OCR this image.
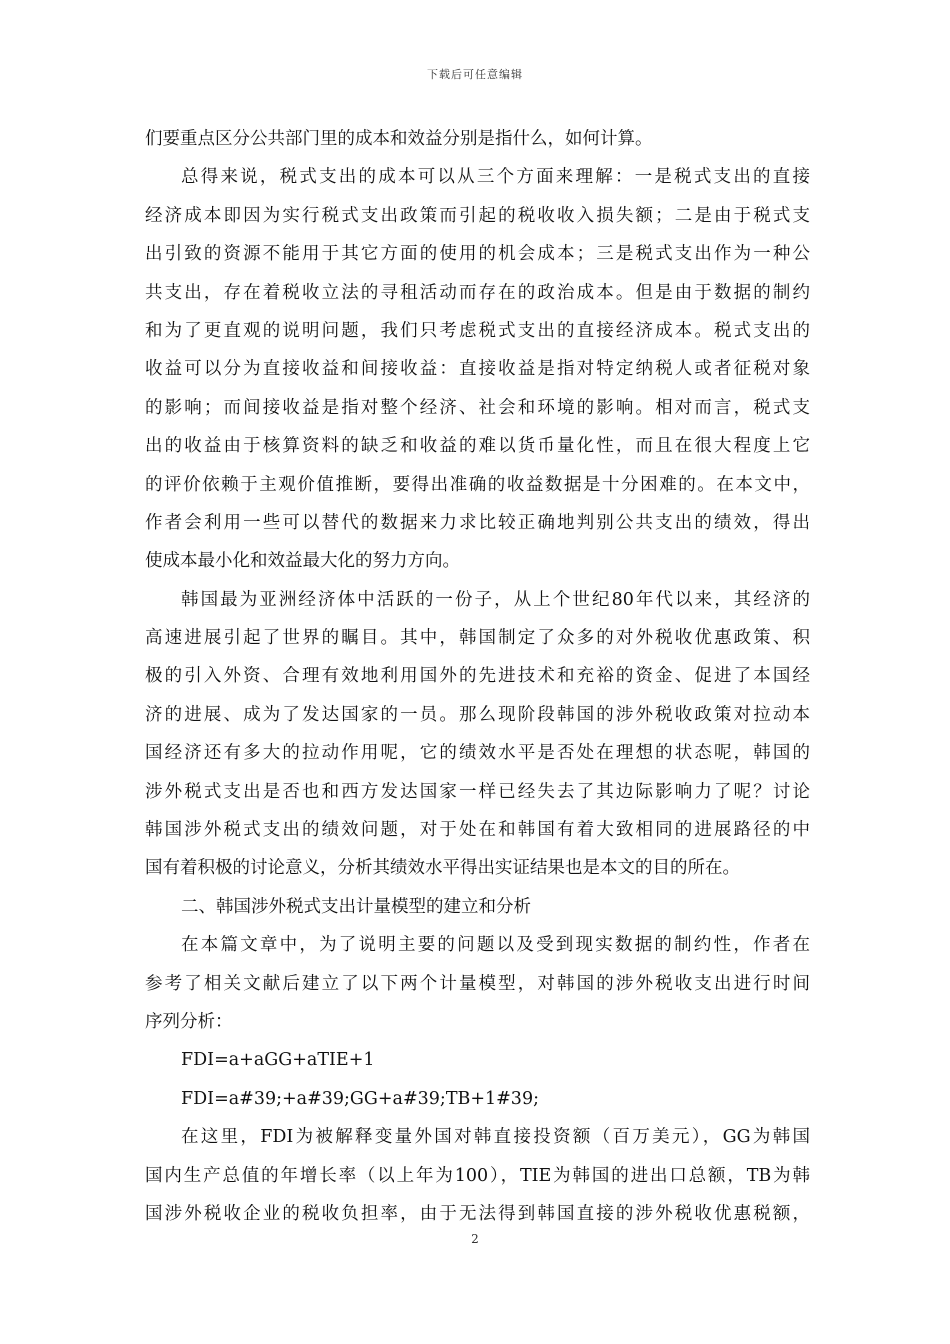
下载后可任意编辑
们要重点区分公共部门里的成本和效益分别是指什么，如何计算。
总得来说，税式支出的成本可以从三个方面来理解：一是税式支出的直接
经济成本即因为实行税式支出政策而引起的税收收入损失额；二是由于税式支
出引致的资源不能用于其它方面的使用的机会成本；三是税式支出作为一种公
共支出，存在着税收立法的寻租活动而存在的政治成本。但是由于数据的制约
和为了更直观的说明问题，我们只考虑税式支出的直接经济成本。税式支出的
收益可以分为直接收益和间接收益：直接收益是指对特定纳税人或者征税对象
的影响；而间接收益是指对整个经济、社会和环境的影响。相对而言，税式支
出的收益由于核算资料的缺乏和收益的难以货币量化性，而且在很大程度上它
的评价依赖于主观价值推断，要得出准确的收益数据是十分困难的。在本文中，
作者会利用一些可以替代的数据来力求比较正确地判别公共支出的绩效，得出
使成本最小化和效益最大化的努力方向。
韩国最为亚洲经济体中活跃的一份子，从上个世纪80年代以来，其经济的
高速进展引起了世界的瞩目。其中，韩国制定了众多的对外税收优惠政策、积
极的引入外资、合理有效地利用国外的先进技术和充裕的资金、促进了本国经
济的进展、成为了发达国家的一员。那么现阶段韩国的涉外税收政策对拉动本
国经济还有多大的拉动作用呢，它的绩效水平是否处在理想的状态呢，韩国的
涉外税式支出是否也和西方发达国家一样已经失去了其边际影响力了呢？讨论
韩国涉外税式支出的绩效问题，对于处在和韩国有着大致相同的进展路径的中
国有着积极的讨论意义，分析其绩效水平得出实证结果也是本文的目的所在。
二、韩国涉外税式支出计量模型的建立和分析
在本篇文章中，为了说明主要的问题以及受到现实数据的制约性，作者在
参考了相关文献后建立了以下两个计量模型，对韩国的涉外税收支出进行时间
序列分析：
FDI=a+aGG+aTIE+1
FDI=a#39;+a#39;GG+a#39;TB+1#39;
在这里，FDI为被解释变量外国对韩直接投资额（百万美元），GG为韩国
国内生产总值的年增长率（以上年为100），TIE为韩国的进出口总额，TB为韩
国涉外税收企业的税收负担率，由于无法得到韩国直接的涉外税收优惠税额，
2
